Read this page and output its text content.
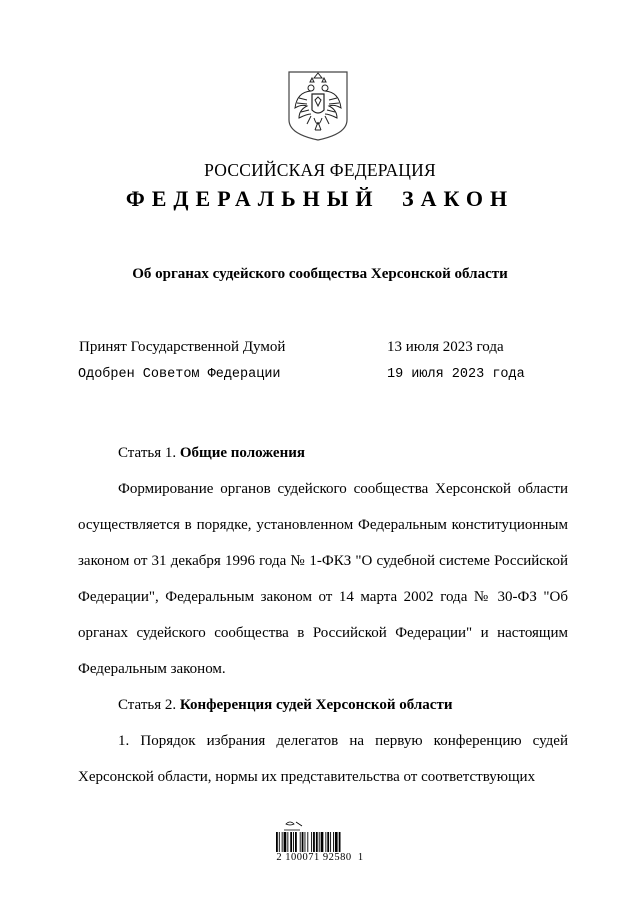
РОССИЙСКАЯ ФЕДЕРАЦИЯ
ФЕДЕРАЛЬНЫЙ ЗАКОН
Об органах судейского сообщества Херсонской области
Принят Государственной Думой	13 июля 2023 года
Одобрен Советом Федерации	19 июля 2023 года

Статья 1. Общие положения

Формирование органов судейского сообщества Херсонской области осуществляется в порядке, установленном Федеральным конституционным законом от 31 декабря 1996 года № 1-ФКЗ "О судебной системе Российской Федерации", Федеральным законом от 14 марта 2002 года № 30-ФЗ "Об органах судейского сообщества в Российской Федерации" и настоящим Федеральным законом.

Статья 2. Конференция судей Херсонской области

1. Порядок избрания делегатов на первую конференцию судей Херсонской области, нормы их представительства от соответствующих

2 100071 92580  1
